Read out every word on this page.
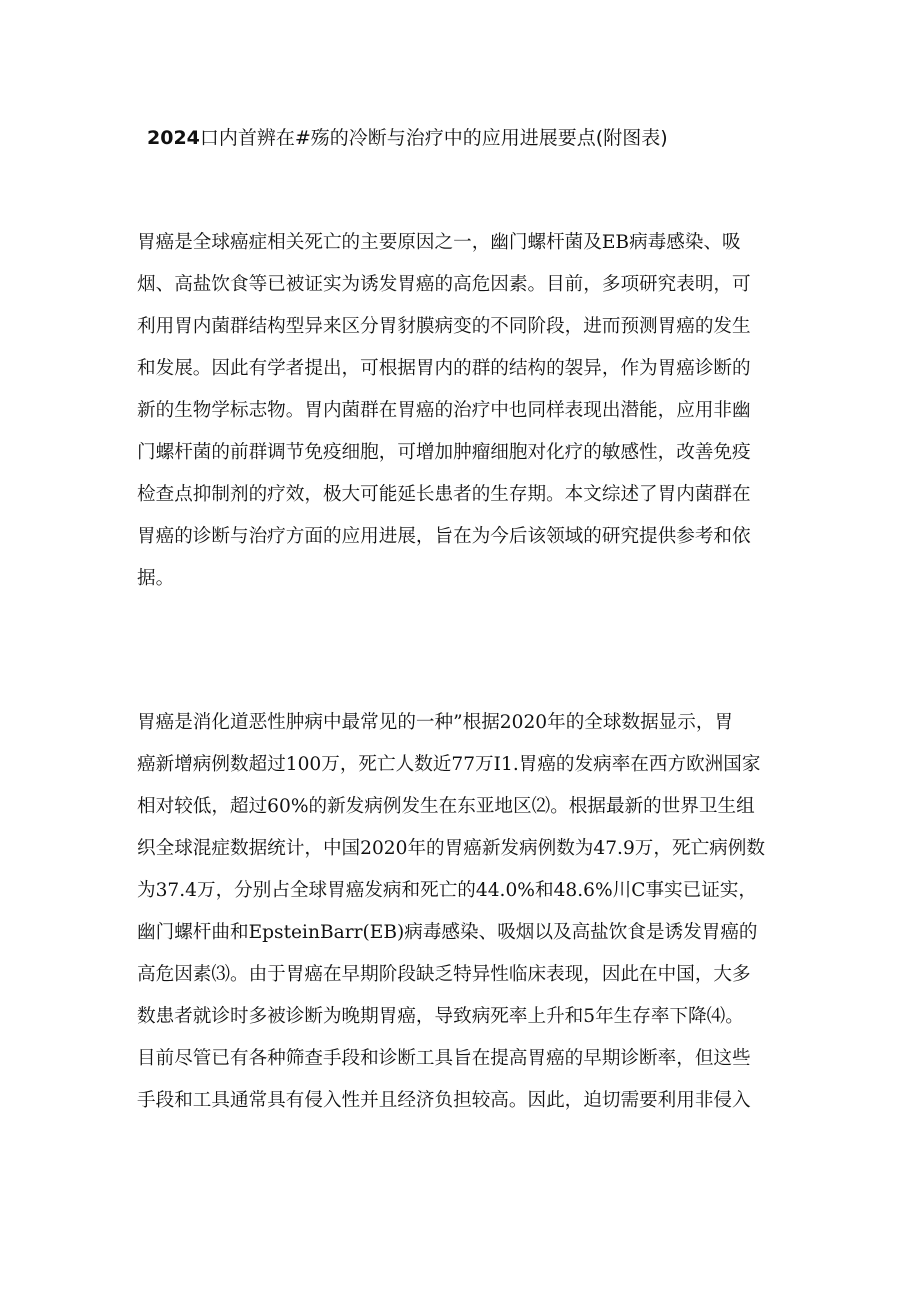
2024口内首辨在#殇的冷断与治疗中的应用进展要点(附图表)
胃癌是全球癌症相关死亡的主要原因之一，幽门螺杆菌及EB病毒感染、吸
烟、高盐饮食等已被证实为诱发胃癌的高危因素。目前，多项研究表明，可
利用胃内菌群结构型异来区分胃豺膜病变的不同阶段，进而预测胃癌的发生
和发展。因此有学者提出，可根据胃内的群的结构的袈异，作为胃癌诊断的
新的生物学标志物。胃内菌群在胃癌的治疗中也同样表现出潜能，应用非幽
门螺杆菌的前群调节免疫细胞，可增加肿瘤细胞对化疗的敏感性，改善免疫
检查点抑制剂的疗效，极大可能延长患者的生存期。本文综述了胃内菌群在
胃癌的诊断与治疗方面的应用进展，旨在为今后该领域的研究提供参考和依
据。
胃癌是消化道恶性肿病中最常见的一种”根据2020年的全球数据显示，胃
癌新增病例数超过100万，死亡人数近77万I1.胃癌的发病率在西方欧洲国家
相对较低，超过60%的新发病例发生在东亚地区⑵。根据最新的世界卫生组
织全球混症数据统计，中国2020年的胃癌新发病例数为47.9万，死亡病例数
为37.4万，分别占全球胃癌发病和死亡的44.0%和48.6%川C事实已证实，
幽门螺杆曲和EpsteinBarr(EB)病毒感染、吸烟以及高盐饮食是诱发胃癌的
高危因素⑶。由于胃癌在早期阶段缺乏特异性临床表现，因此在中国，大多
数患者就诊时多被诊断为晚期胃癌，导致病死率上升和5年生存率下降⑷。
目前尽管已有各种筛查手段和诊断工具旨在提高胃癌的早期诊断率，但这些
手段和工具通常具有侵入性并且经济负担较高。因此，迫切需要利用非侵入
